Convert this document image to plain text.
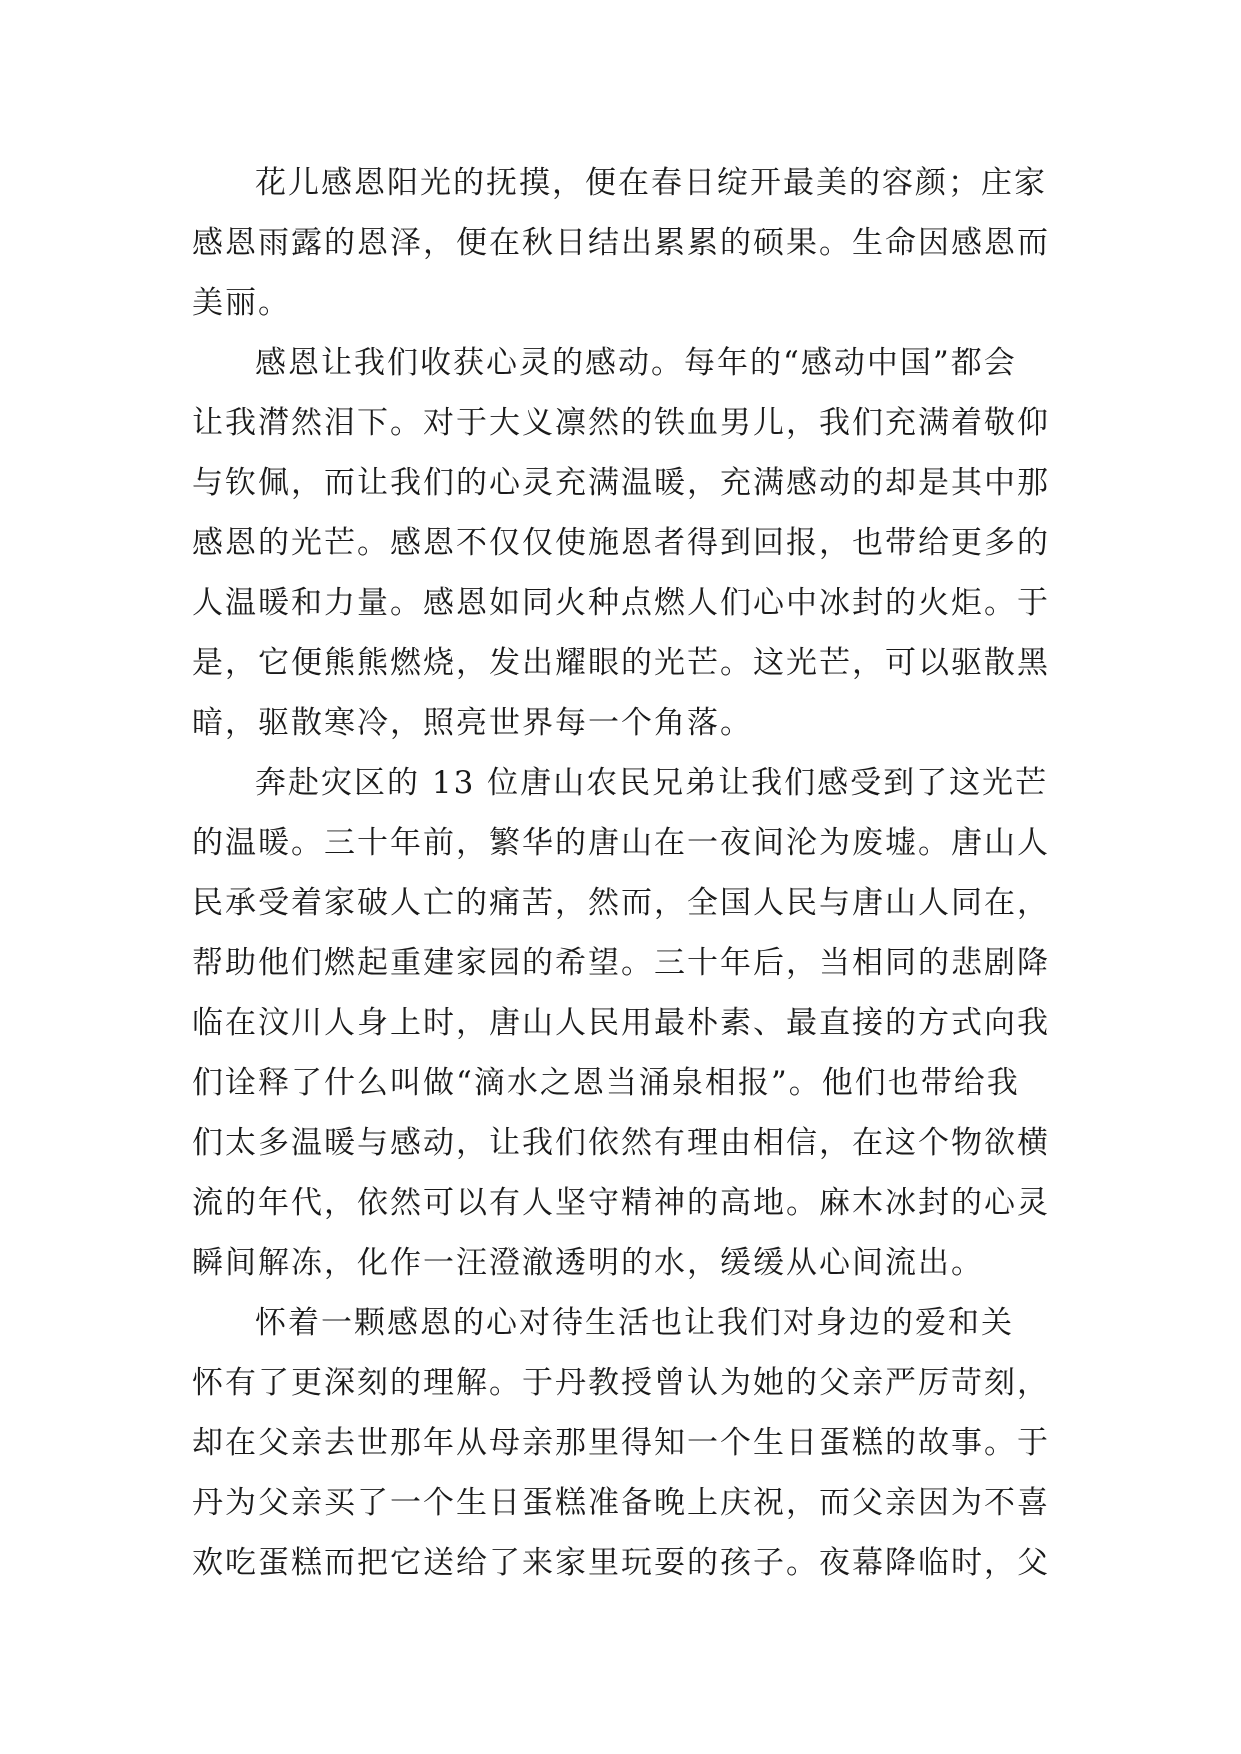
花儿感恩阳光的抚摸，便在春日绽开最美的容颜；庄家
感恩雨露的恩泽，便在秋日结出累累的硕果。生命因感恩而
美丽。
感恩让我们收获心灵的感动。每年的“感动中国”都会
让我潸然泪下。对于大义凛然的铁血男儿，我们充满着敬仰
与钦佩，而让我们的心灵充满温暖，充满感动的却是其中那
感恩的光芒。感恩不仅仅使施恩者得到回报，也带给更多的
人温暖和力量。感恩如同火种点燃人们心中冰封的火炬。于
是，它便熊熊燃烧，发出耀眼的光芒。这光芒，可以驱散黑
暗，驱散寒冷，照亮世界每一个角落。
奔赴灾区的 13 位唐山农民兄弟让我们感受到了这光芒
的温暖。三十年前，繁华的唐山在一夜间沦为废墟。唐山人
民承受着家破人亡的痛苦，然而，全国人民与唐山人同在，
帮助他们燃起重建家园的希望。三十年后，当相同的悲剧降
临在汶川人身上时，唐山人民用最朴素、最直接的方式向我
们诠释了什么叫做“滴水之恩当涌泉相报”。他们也带给我
们太多温暖与感动，让我们依然有理由相信，在这个物欲横
流的年代，依然可以有人坚守精神的高地。麻木冰封的心灵
瞬间解冻，化作一汪澄澈透明的水，缓缓从心间流出。
怀着一颗感恩的心对待生活也让我们对身边的爱和关
怀有了更深刻的理解。于丹教授曾认为她的父亲严厉苛刻，
却在父亲去世那年从母亲那里得知一个生日蛋糕的故事。于
丹为父亲买了一个生日蛋糕准备晚上庆祝，而父亲因为不喜
欢吃蛋糕而把它送给了来家里玩耍的孩子。夜幕降临时，父
